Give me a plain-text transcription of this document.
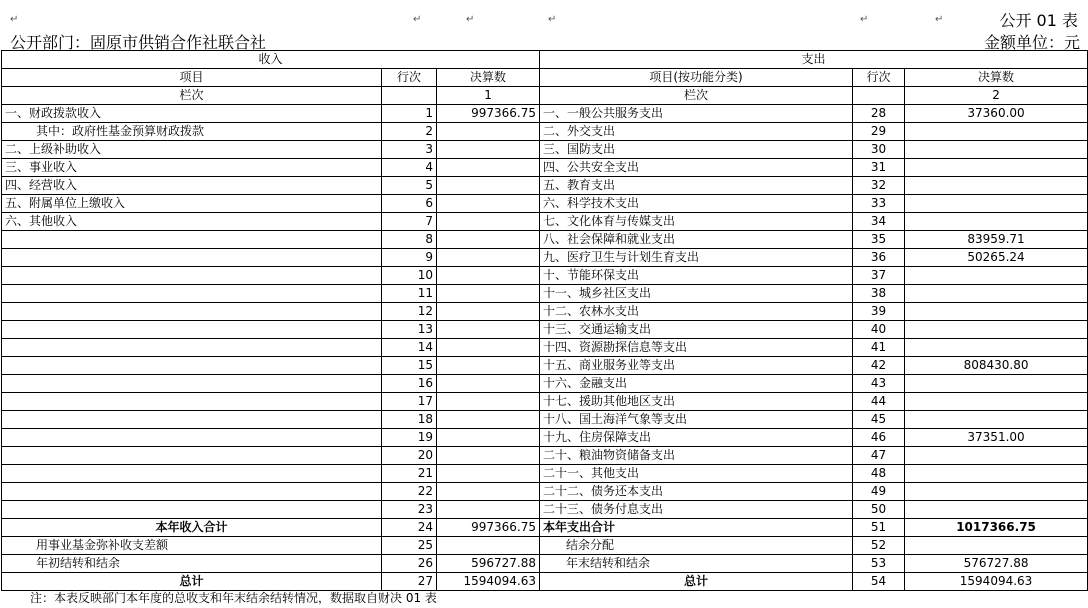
↵	↵	↵	↵	↵	↵	公开 01 表
公开部门：固原市供销合作社联合社	金额单位：元
收入			支出		
项目	行次	决算数	项目(按功能分类)	行次	决算数
栏次		1	栏次		2
一、财政拨款收入	1	997366.75	一、一般公共服务支出	28	37360.00
其中：政府性基金预算财政拨款	2		二、外交支出	29	
二、上级补助收入	3		三、国防支出	30	
三、事业收入	4		四、公共安全支出	31	
四、经营收入	5		五、教育支出	32	
五、附属单位上缴收入	6		六、科学技术支出	33	
六、其他收入	7		七、文化体育与传媒支出	34	
	8		八、社会保障和就业支出	35	83959.71
	9		九、医疗卫生与计划生育支出	36	50265.24
	10		十、节能环保支出	37	
	11		十一、城乡社区支出	38	
	12		十二、农林水支出	39	
	13		十三、交通运输支出	40	
	14		十四、资源勘探信息等支出	41	
	15		十五、商业服务业等支出	42	808430.80
	16		十六、金融支出	43	
	17		十七、援助其他地区支出	44	
	18		十八、国土海洋气象等支出	45	
	19		十九、住房保障支出	46	37351.00
	20		二十、粮油物资储备支出	47	
	21		二十一、其他支出	48	
	22		二十二、债务还本支出	49	
	23		二十三、债务付息支出	50	
本年收入合计	24	997366.75	本年支出合计	51	1017366.75
用事业基金弥补收支差额	25		结余分配	52	
年初结转和结余	26	596727.88	年末结转和结余	53	576727.88
总计	27	1594094.63	总计	54	1594094.63
注：本表反映部门本年度的总收支和年末结余结转情况，数据取自财决 01 表
